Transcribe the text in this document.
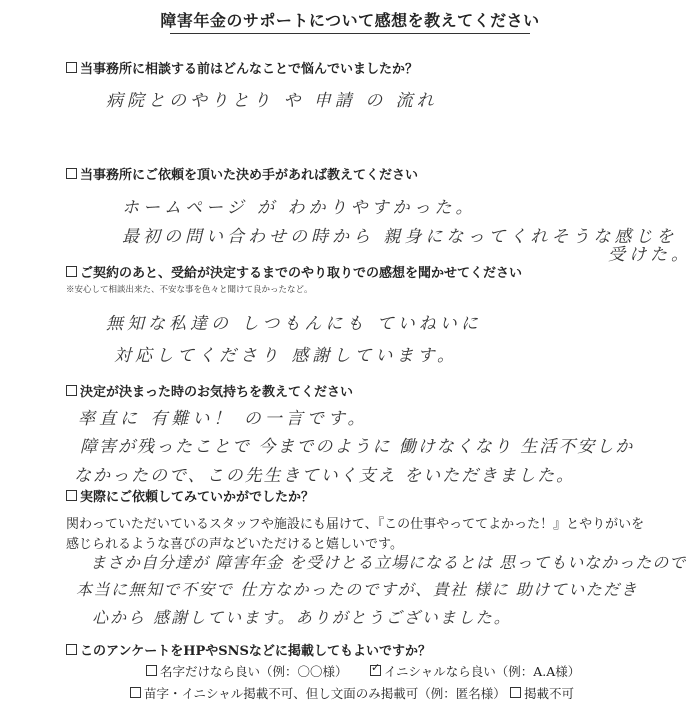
障害年金のサポートについて感想を教えてください
当事務所に相談する前はどんなことで悩んでいましたか？
病院とのやりとり や 申請 の 流れ
当事務所にご依頼を頂いた決め手があれば教えてください
ホームページ が わかりやすかった。
最初の問い合わせの時から 親身になってくれそうな感じを
受けた。
ご契約のあと、受給が決定するまでのやり取りでの感想を聞かせてください
※安心して相談出来た、不安な事を色々と聞けて良かったなど。
無知な私達の しつもんにも ていねいに
対応してくださり 感謝しています。
決定が決まった時のお気持ちを教えてください
率直に 有難い！ の一言です。
障害が残ったことで 今までのように 働けなくなり 生活不安しか
なかったので、この先生きていく支え をいただきました。
実際にご依頼してみていかがでしたか？
関わっていただいているスタッフや施設にも届けて、『この仕事やっててよかった！』とやりがいを
感じられるような喜びの声などいただけると嬉しいです。
まさか自分達が 障害年金 を受けとる立場になるとは 思ってもいなかったので
本当に無知で不安で 仕方なかったのですが、貴社 様に 助けていただき
心から 感謝しています。ありがとうございました。
このアンケートをHPやSNSなどに掲載してもよいですか？
名字だけなら良い（例：〇〇様）
✓	イニシャルなら良い（例：A.A様）
苗字・イニシャル掲載不可、但し文面のみ掲載可（例：匿名様）	掲載不可
